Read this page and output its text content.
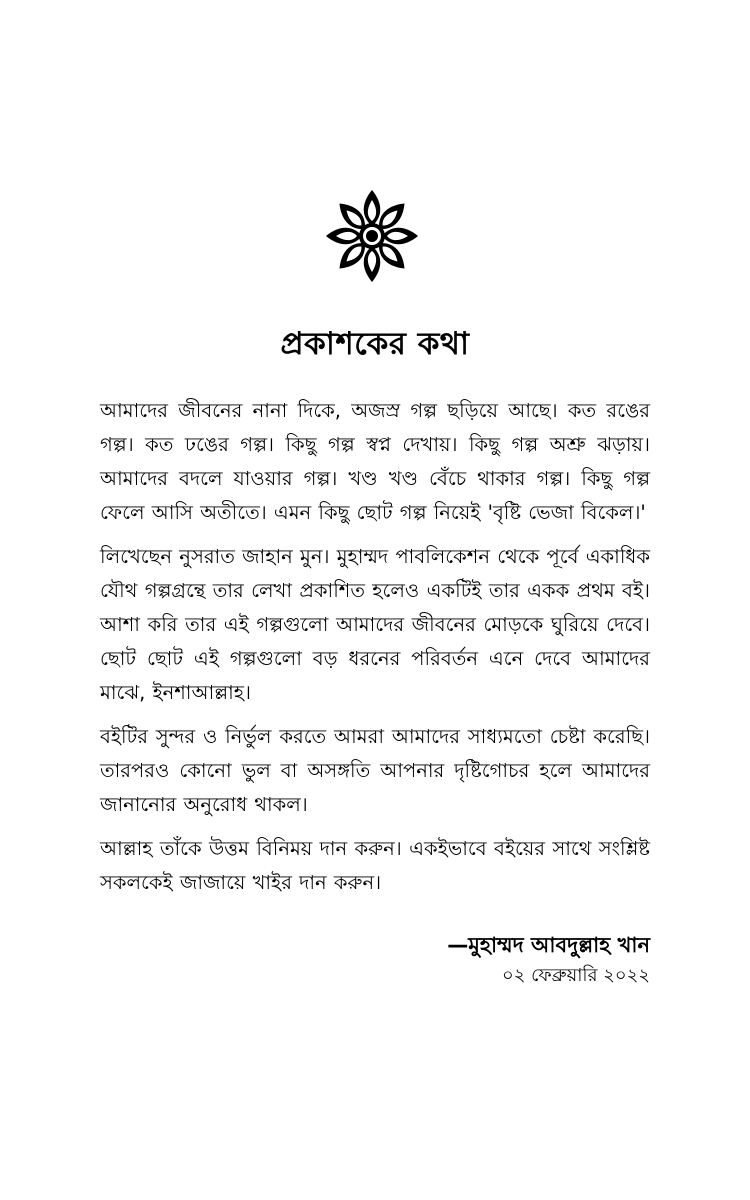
প্রকাশকের কথা

আমাদের জীবনের নানা দিকে, অজস্র গল্প ছড়িয়ে আছে। কত রঙের গল্প। কত ঢঙের গল্প। কিছু গল্প স্বপ্ন দেখায়। কিছু গল্প অশ্রু ঝড়ায়। আমাদের বদলে যাওয়ার গল্প। খণ্ড খণ্ড বেঁচে থাকার গল্প। কিছু গল্প ফেলে আসি অতীতে। এমন কিছু ছোট গল্প নিয়েই 'বৃষ্টি ভেজা বিকেল।'

লিখেছেন নুসরাত জাহান মুন। মুহাম্মদ পাবলিকেশন থেকে পূর্বে একাধিক যৌথ গল্পগ্রন্থে তার লেখা প্রকাশিত হলেও একটিই তার একক প্রথম বই। আশা করি তার এই গল্পগুলো আমাদের জীবনের মোড়কে ঘুরিয়ে দেবে। ছোট ছোট এই গল্পগুলো বড় ধরনের পরিবর্তন এনে দেবে আমাদের মাঝে, ইনশাআল্লাহ।

বইটির সুন্দর ও নির্ভুল করতে আমরা আমাদের সাধ্যমতো চেষ্টা করেছি। তারপরও কোনো ভুল বা অসঙ্গতি আপনার দৃষ্টিগোচর হলে আমাদের জানানোর অনুরোধ থাকল।

আল্লাহ তাঁকে উত্তম বিনিময় দান করুন। একইভাবে বইয়ের সাথে সংশ্লিষ্ট সকলকেই জাজায়ে খাইর দান করুন।

—মুহাম্মদ আবদুল্লাহ খান
০২ ফেব্রুয়ারি ২০২২
